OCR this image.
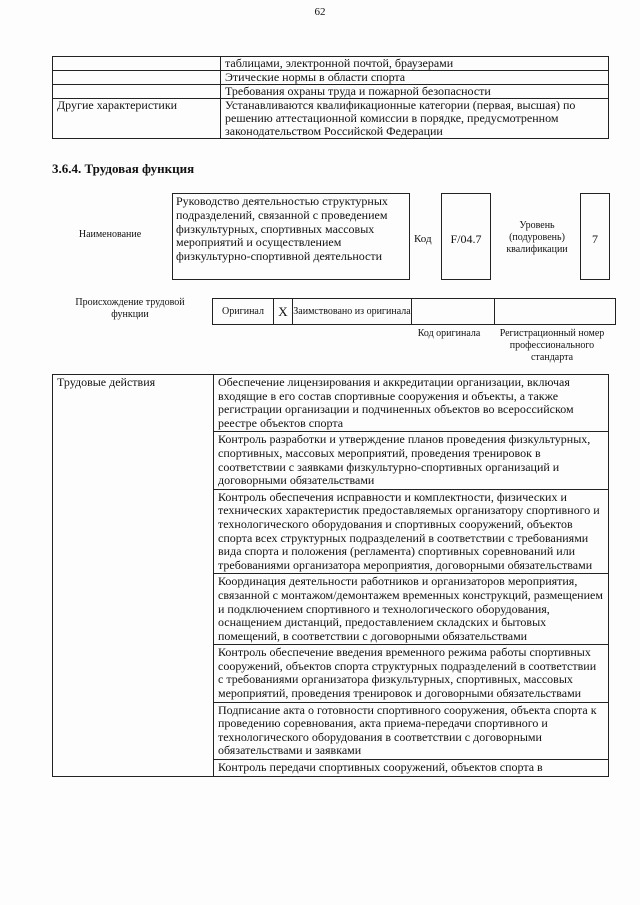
62
	таблицами, электронной почтой, браузерами
	Этические нормы в области спорта
	Требования охраны труда и пожарной безопасности
Другие характеристики	Устанавливаются квалификационные категории (первая, высшая) по решению аттестационной комиссии в порядке, предусмотренном законодательством Российской Федерации
3.6.4. Трудовая функция
Наименование
Руководство деятельностью структурных подразделений, связанной с проведением физкультурных, спортивных массовых мероприятий и осуществлением физкультурно-спортивной деятельности
Код	F/04.7
Уровень (подуровень) квалификации
7
Происхождение трудовой функции	Оригинал	X	Заимствовано из оригинала		
Код оригинала	Регистрационный номер профессионального стандарта
Трудовые действия	Обеспечение лицензирования и аккредитации организации, включая входящие в его состав спортивные сооружения и объекты, а также регистрации организации и подчиненных объектов во всероссийском реестре объектов спорта
Контроль разработки и утверждение планов проведения физкультурных, спортивных, массовых мероприятий, проведения тренировок в соответствии с заявками физкультурно-спортивных организаций и договорными обязательствами
Контроль обеспечения исправности и комплектности, физических и технических характеристик предоставляемых организатору спортивного и технологического оборудования и спортивных сооружений, объектов спорта всех структурных подразделений в соответствии с требованиями вида спорта и положения (регламента) спортивных соревнований или требованиями организатора мероприятия, договорными обязательствами
Координация деятельности работников и организаторов мероприятия, связанной с монтажом/демонтажем временных конструкций, размещением и подключением спортивного и технологического оборудования, оснащением дистанций, предоставлением складских и бытовых помещений, в соответствии с договорными обязательствами
Контроль обеспечение введения временного режима работы спортивных сооружений, объектов спорта структурных подразделений в соответствии с требованиями организатора физкультурных, спортивных, массовых мероприятий, проведения тренировок и договорными обязательствами
Подписание акта о готовности спортивного сооружения, объекта спорта к проведению соревнования, акта приема-передачи спортивного и технологического оборудования в соответствии с договорными обязательствами и заявками
Контроль передачи спортивных сооружений, объектов спорта в
